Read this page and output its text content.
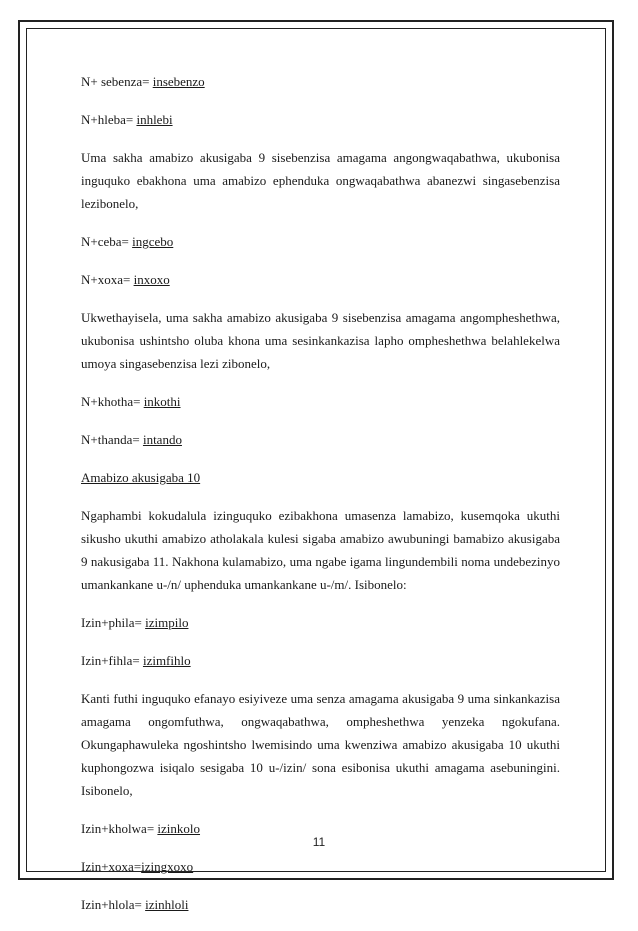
N+ sebenza= insebenzo

N+hleba= inhlebi

Uma sakha amabizo akusigaba 9 sisebenzisa amagama angongwaqabathwa, ukubonisa inguquko ebakhona uma amabizo ephenduka ongwaqabathwa abanezwi singasebenzisa lezibonelo,

N+ceba= ingcebo

N+xoxa= inxoxo

Ukwethayisela, uma sakha amabizo akusigaba 9 sisebenzisa amagama angompheshethwa, ukubonisa ushintsho oluba khona uma sesinkankazisa lapho ompheshethwa belahlekelwa umoya singasebenzisa lezi zibonelo,

N+khotha= inkothi

N+thanda= intando

Amabizo akusigaba 10

Ngaphambi kokudalula izinguquko ezibakhona umasenza lamabizo, kusemqoka ukuthi sikusho ukuthi amabizo atholakala kulesi sigaba amabizo awubuningi bamabizo akusigaba 9 nakusigaba 11. Nakhona kulamabizo, uma ngabe igama lingundembili noma undebezinyo umankankane u-/n/ uphenduka umankankane u-/m/. Isibonelo:

Izin+phila= izimpilo

Izin+fihla= izimfihlo

Kanti futhi inguquko efanayo esiyiveze uma senza amagama akusigaba 9 uma sinkankazisa amagama ongomfuthwa, ongwaqabathwa, ompheshethwa yenzeka ngokufana. Okungaphawuleka ngoshintsho lwemisindo uma kwenziwa amabizo akusigaba 10 ukuthi kuphongozwa isiqalo sesigaba 10 u-/izin/ sona esibonisa ukuthi amagama asebuningini. Isibonelo,

Izin+kholwa= izinkolo

Izin+xoxa=izingxoxo

Izin+hlola= izinhloli

11
